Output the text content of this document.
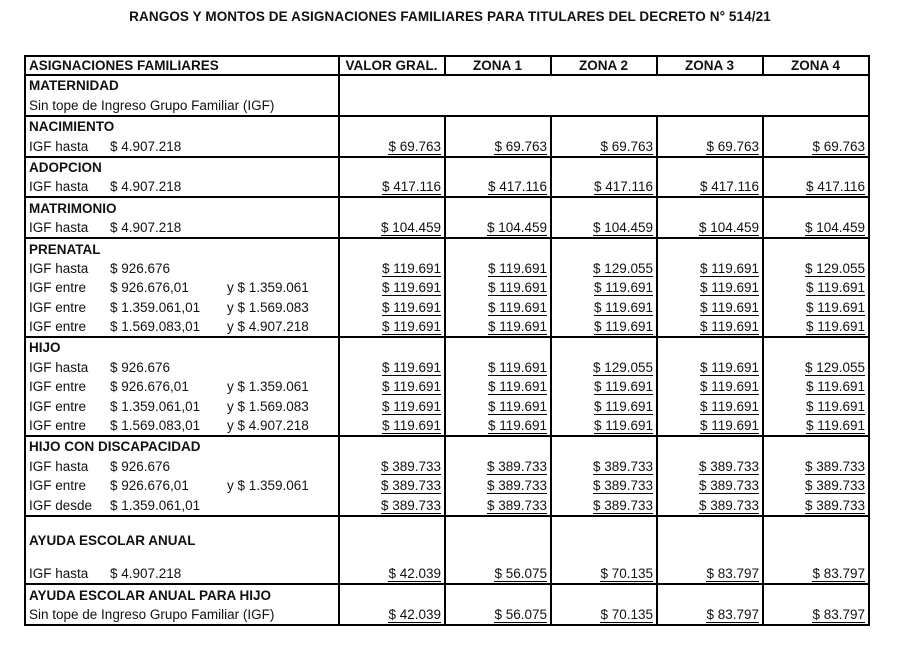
RANGOS Y MONTOS DE ASIGNACIONES FAMILIARES PARA TITULARES DEL DECRETO N° 514/21
ASIGNACIONES FAMILIARES	VALOR GRAL.	ZONA 1	ZONA 2	ZONA 3	ZONA 4
MATERNIDAD					
Sin tope de Ingreso Grupo Familiar (IGF)					
NACIMIENTO					
IGF hasta $ 4.907.218	$ 69.763	$ 69.763	$ 69.763	$ 69.763	$ 69.763
ADOPCION					
IGF hasta $ 4.907.218	$ 417.116	$ 417.116	$ 417.116	$ 417.116	$ 417.116
MATRIMONIO					
IGF hasta $ 4.907.218	$ 104.459	$ 104.459	$ 104.459	$ 104.459	$ 104.459
PRENATAL					
IGF hasta $ 926.676	$ 119.691	$ 119.691	$ 129.055	$ 119.691	$ 129.055
IGF entre $ 926.676,01 y $ 1.359.061	$ 119.691	$ 119.691	$ 119.691	$ 119.691	$ 119.691
IGF entre $ 1.359.061,01 y $ 1.569.083	$ 119.691	$ 119.691	$ 119.691	$ 119.691	$ 119.691
IGF entre $ 1.569.083,01 y $ 4.907.218	$ 119.691	$ 119.691	$ 119.691	$ 119.691	$ 119.691
HIJO					
IGF hasta $ 926.676	$ 119.691	$ 119.691	$ 129.055	$ 119.691	$ 129.055
IGF entre $ 926.676,01 y $ 1.359.061	$ 119.691	$ 119.691	$ 119.691	$ 119.691	$ 119.691
IGF entre $ 1.359.061,01 y $ 1.569.083	$ 119.691	$ 119.691	$ 119.691	$ 119.691	$ 119.691
IGF entre $ 1.569.083,01 y $ 4.907.218	$ 119.691	$ 119.691	$ 119.691	$ 119.691	$ 119.691
HIJO CON DISCAPACIDAD					
IGF hasta $ 926.676	$ 389.733	$ 389.733	$ 389.733	$ 389.733	$ 389.733
IGF entre $ 926.676,01 y $ 1.359.061	$ 389.733	$ 389.733	$ 389.733	$ 389.733	$ 389.733
IGF desde $ 1.359.061,01	$ 389.733	$ 389.733	$ 389.733	$ 389.733	$ 389.733

AYUDA ESCOLAR ANUAL					

IGF hasta $ 4.907.218	$ 42.039	$ 56.075	$ 70.135	$ 83.797	$ 83.797
AYUDA ESCOLAR ANUAL PARA HIJO					
Sin tope de Ingreso Grupo Familiar (IGF)	$ 42.039	$ 56.075	$ 70.135	$ 83.797	$ 83.797
